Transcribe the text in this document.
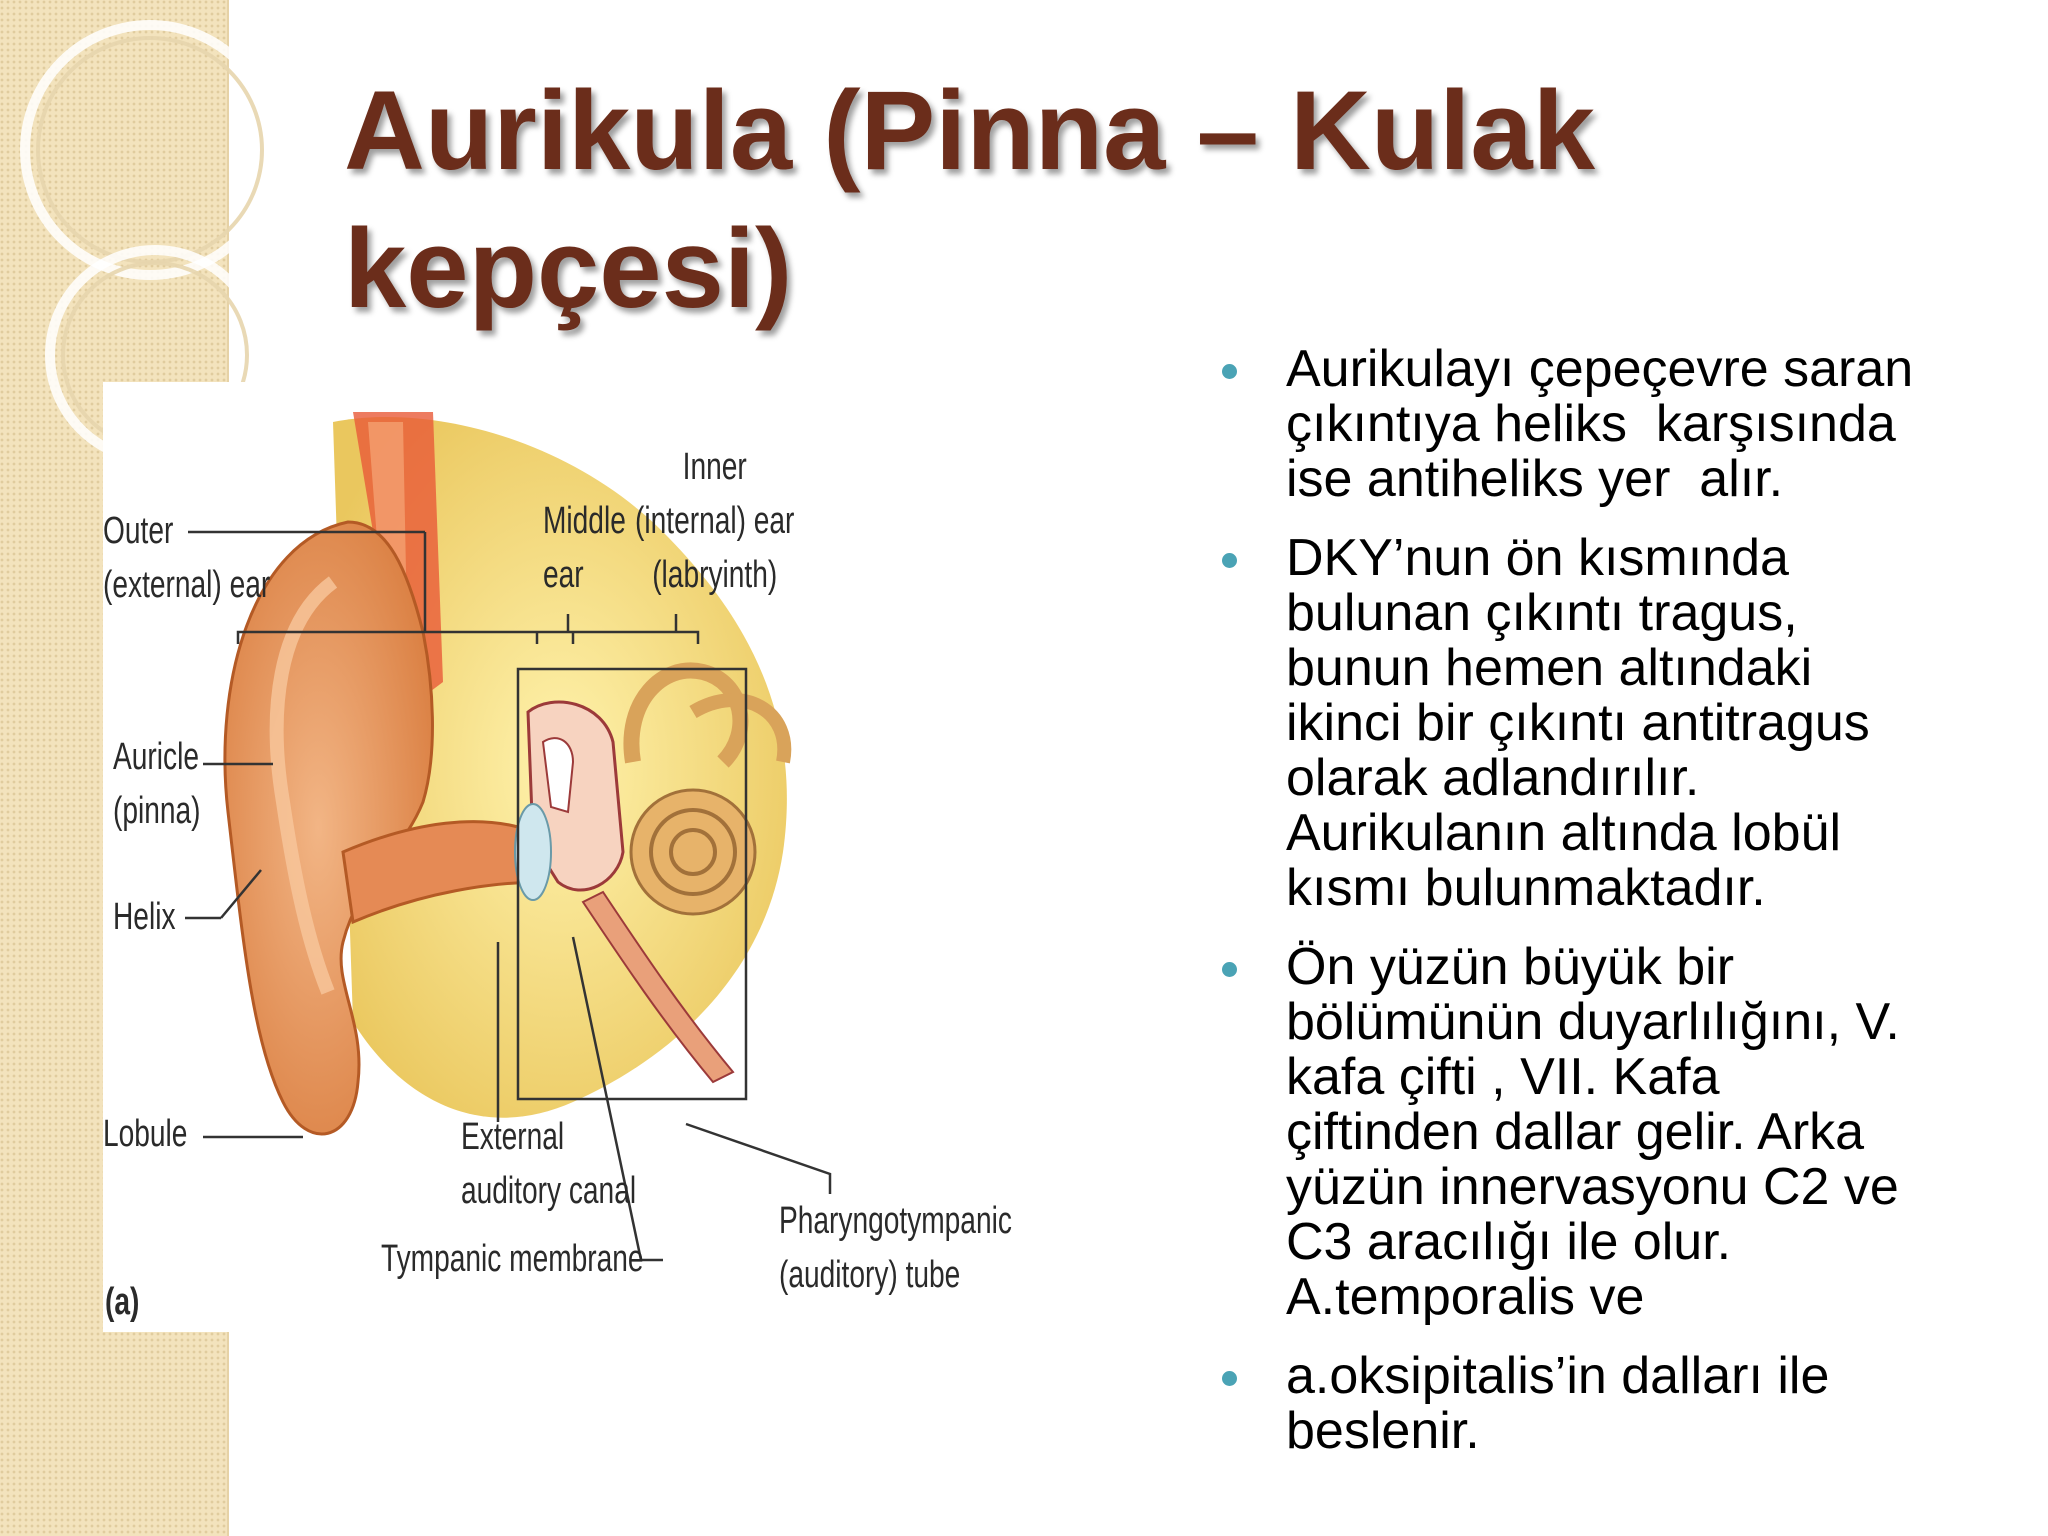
Aurikula (Pinna – Kulak
kepçesi)
Outer
(external) ear
Middle
ear
Inner
(internal) ear
(labryinth)
Auricle
(pinna)
Helix
Lobule	External
auditory canal
Tympanic membrane
Pharyngotympanic
(auditory) tube
(a)
Aurikulayı çepeçevre saran
çıkıntıya heliks  karşısında
ise antiheliks yer  alır.
DKY’nun ön kısmında
bulunan çıkıntı tragus,
bunun hemen altındaki
ikinci bir çıkıntı antitragus
olarak adlandırılır.
Aurikulanın altında lobül
kısmı bulunmaktadır.
Ön yüzün büyük bir
bölümünün duyarlılığını, V.
kafa çifti , VII. Kafa
çiftinden dallar gelir. Arka
yüzün innervasyonu C2 ve
C3 aracılığı ile olur.
A.temporalis ve
a.oksipitalis’in dalları ile
beslenir.
